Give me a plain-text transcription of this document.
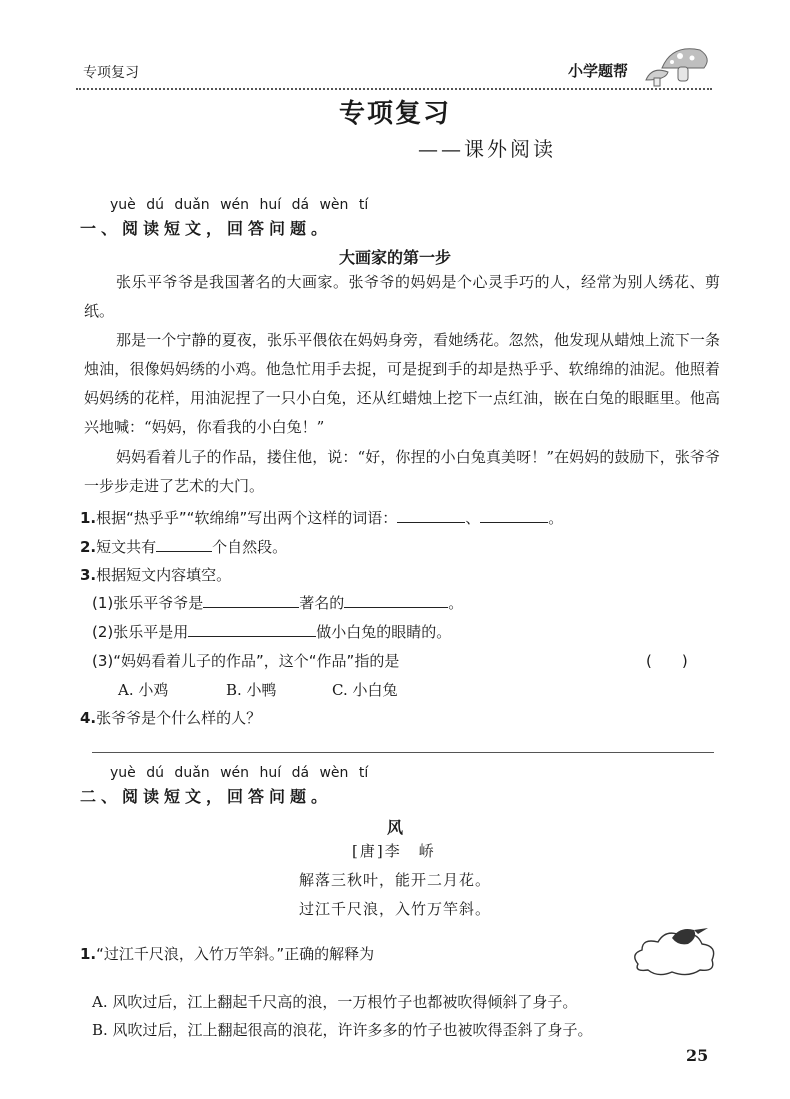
专项复习	小学题帮
专项复习
——课外阅读
yuè dú duǎn wén huí dá wèn tí
一、阅读短文，回答问题。
大画家的第一步

张乐平爷爷是我国著名的大画家。张爷爷的妈妈是个心灵手巧的人，经常为别人绣花、剪纸。

那是一个宁静的夏夜，张乐平偎依在妈妈身旁，看她绣花。忽然，他发现从蜡烛上流下一条烛油，很像妈妈绣的小鸡。他急忙用手去捉，可是捉到手的却是热乎乎、软绵绵的油泥。他照着妈妈绣的花样，用油泥捏了一只小白兔，还从红蜡烛上挖下一点红油，嵌在白兔的眼眶里。他高兴地喊：“妈妈，你看我的小白兔！”

妈妈看着儿子的作品，搂住他，说：“好，你捏的小白兔真美呀！”在妈妈的鼓励下，张爷爷一步步走进了艺术的大门。

1.根据“热乎乎”“软绵绵”写出两个这样的词语：	、	。
2.短文共有	个自然段。
3.根据短文内容填空。
(1)张乐平爷爷是	著名的	。
(2)张乐平是用	做小白兔的眼睛的。
(3)“妈妈看着儿子的作品”，这个“作品”指的是	(　　)
A. 小鸡	B. 小鸭	C. 小白兔
4.张爷爷是个什么样的人？
yuè dú duǎn wén huí dá wèn tí
二、阅读短文，回答问题。
风
[唐]李　峤
解落三秋叶，能开二月花。
过江千尺浪，入竹万竿斜。
1.“过江千尺浪，入竹万竿斜。”正确的解释为
A. 风吹过后，江上翻起千尺高的浪，一万根竹子也都被吹得倾斜了身子。
B. 风吹过后，江上翻起很高的浪花，许许多多的竹子也被吹得歪斜了身子。
25
